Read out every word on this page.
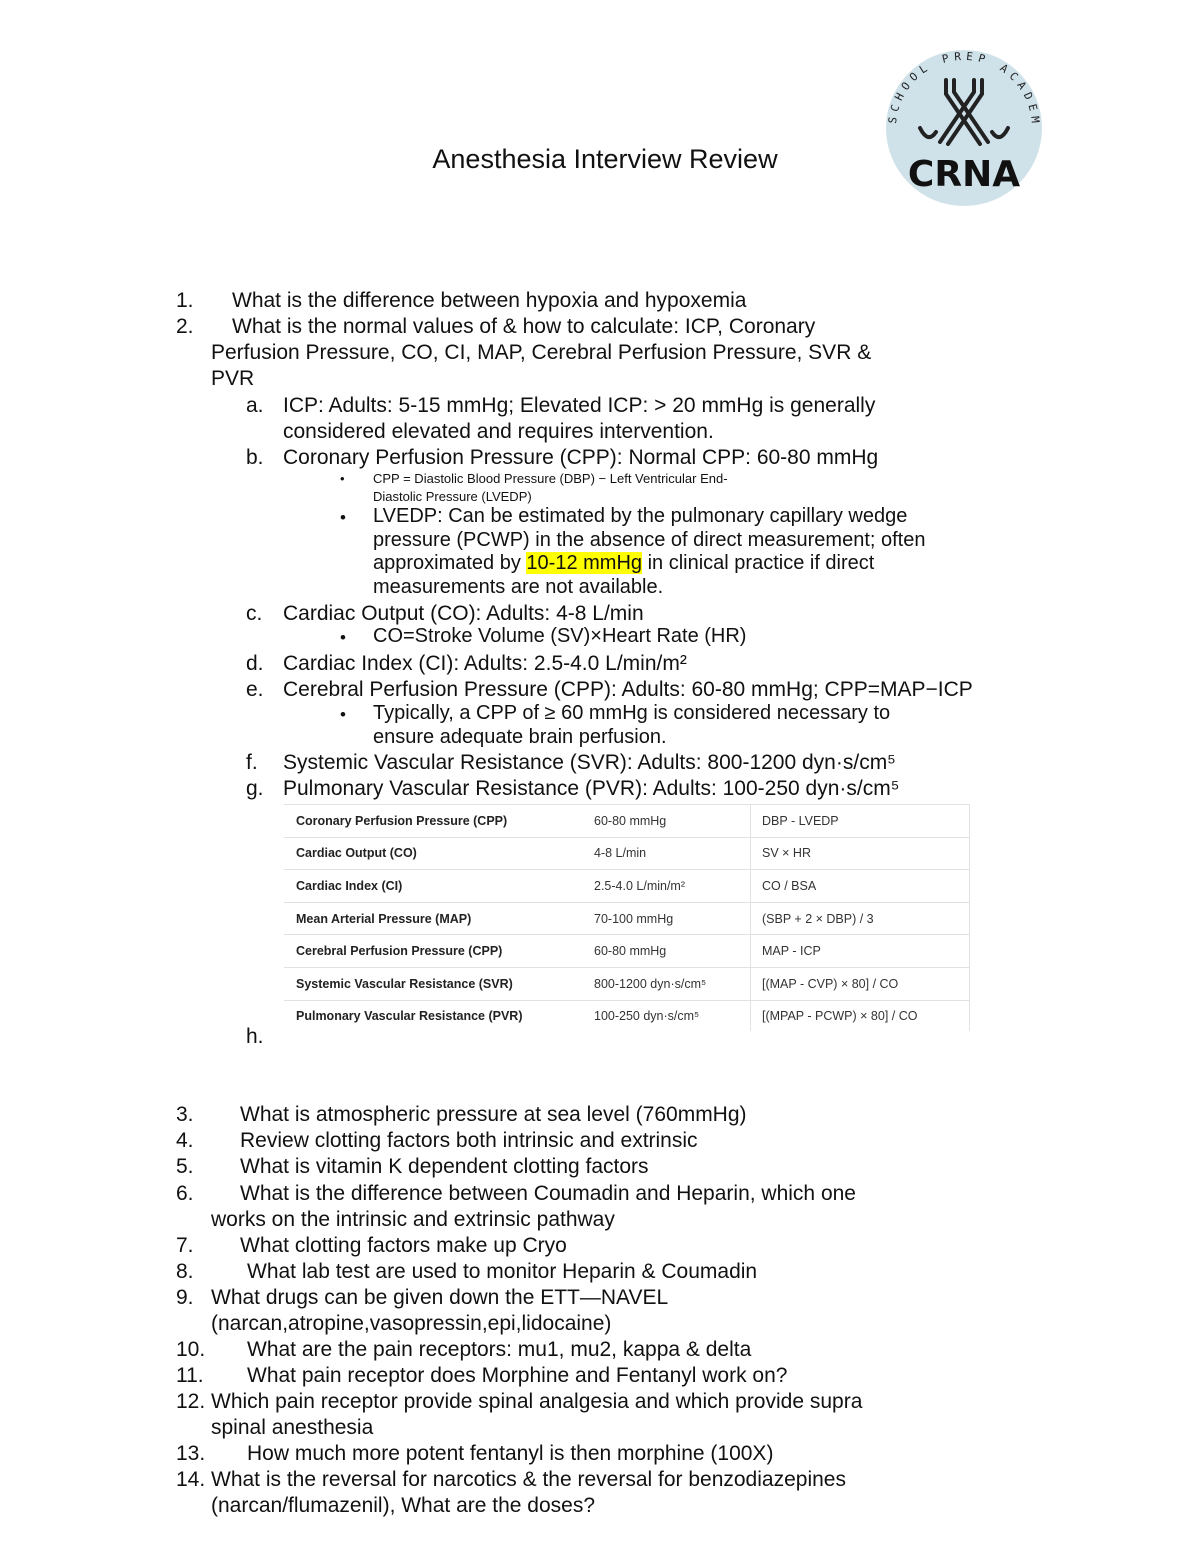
SCHOOL PREP ACADEM
CRNA
Anesthesia Interview Review
1. What is the difference between hypoxia and hypoxemia
2. What is the normal values of & how to calculate: ICP, Coronary
Perfusion Pressure, CO, CI, MAP, Cerebral Perfusion Pressure, SVR &
PVR
a. ICP: Adults: 5-15 mmHg; Elevated ICP: > 20 mmHg is generally
considered elevated and requires intervention.
b. Coronary Perfusion Pressure (CPP): Normal CPP: 60-80 mmHg
• CPP = Diastolic Blood Pressure (DBP) − Left Ventricular End-
Diastolic Pressure (LVEDP)
• LVEDP: Can be estimated by the pulmonary capillary wedge
pressure (PCWP) in the absence of direct measurement; often
approximated by 10-12 mmHg in clinical practice if direct
measurements are not available.
c. Cardiac Output (CO): Adults: 4-8 L/min
• CO=Stroke Volume (SV)×Heart Rate (HR)
d. Cardiac Index (CI): Adults: 2.5-4.0 L/min/m²
e. Cerebral Perfusion Pressure (CPP): Adults: 60-80 mmHg; CPP=MAP−ICP
• Typically, a CPP of ≥ 60 mmHg is considered necessary to
ensure adequate brain perfusion.
f. Systemic Vascular Resistance (SVR): Adults: 800-1200 dyn·s/cm⁵
g. Pulmonary Vascular Resistance (PVR): Adults: 100-250 dyn·s/cm⁵
Coronary Perfusion Pressure (CPP)	60-80 mmHg	DBP - LVEDP
Cardiac Output (CO)	4-8 L/min	SV × HR
Cardiac Index (CI)	2.5-4.0 L/min/m²	CO / BSA
Mean Arterial Pressure (MAP)	70-100 mmHg	(SBP + 2 × DBP) / 3
Cerebral Perfusion Pressure (CPP)	60-80 mmHg	MAP - ICP
Systemic Vascular Resistance (SVR)	800-1200 dyn·s/cm⁵	[(MAP - CVP) × 80] / CO
Pulmonary Vascular Resistance (PVR)	100-250 dyn·s/cm⁵	[(MPAP - PCWP) × 80] / CO
h.
3. What is atmospheric pressure at sea level (760mmHg)
4. Review clotting factors both intrinsic and extrinsic
5. What is vitamin K dependent clotting factors
6. What is the difference between Coumadin and Heparin, which one
works on the intrinsic and extrinsic pathway
7. What clotting factors make up Cryo
8.	What lab test are used to monitor Heparin & Coumadin
9. What drugs can be given down the ETT—NAVEL
(narcan,atropine,vasopressin,epi,lidocaine)
10. What are the pain receptors: mu1, mu2, kappa & delta
11. What pain receptor does Morphine and Fentanyl work on?
12. Which pain receptor provide spinal analgesia and which provide supra
spinal anesthesia
13. How much more potent fentanyl is then morphine (100X)
14. What is the reversal for narcotics & the reversal for benzodiazepines
(narcan/flumazenil), What are the doses?
